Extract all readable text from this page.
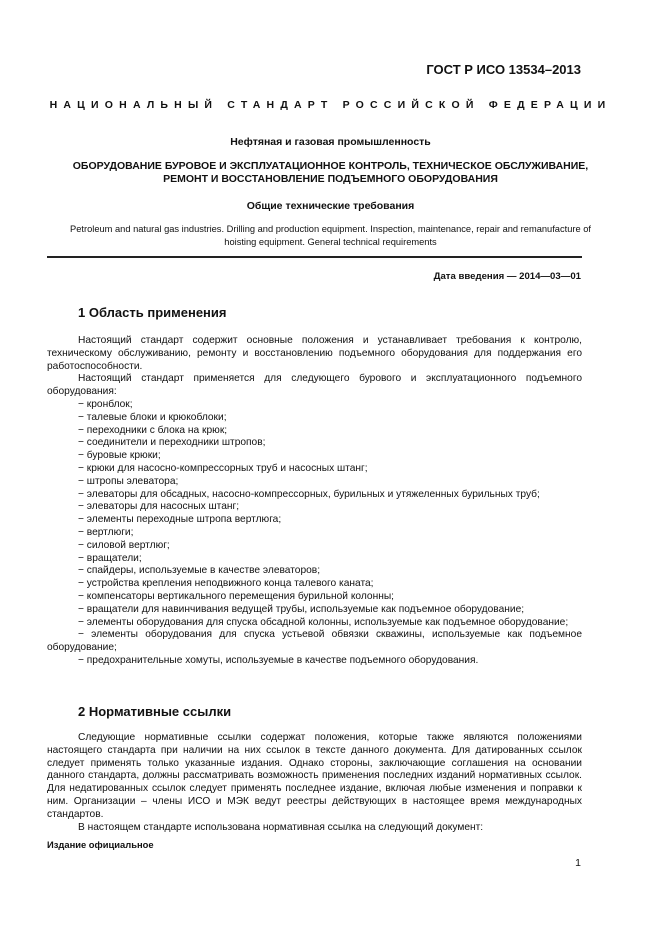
ГОСТ Р ИСО 13534–2013
НАЦИОНАЛЬНЫЙ СТАНДАРТ РОССИЙСКОЙ ФЕДЕРАЦИИ
Нефтяная и газовая промышленность
ОБОРУДОВАНИЕ БУРОВОЕ И ЭКСПЛУАТАЦИОННОЕ КОНТРОЛЬ, ТЕХНИЧЕСКОЕ ОБСЛУЖИВАНИЕ, РЕМОНТ И ВОССТАНОВЛЕНИЕ ПОДЪЕМНОГО ОБОРУДОВАНИЯ
Общие технические требования
Petroleum and natural gas industries. Drilling and production equipment. Inspection, maintenance, repair and remanufacture of hoisting equipment. General technical requirements
Дата введения — 2014—03—01
1 Область применения

Настоящий стандарт содержит основные положения и устанавливает требования к контролю, техническому обслуживанию, ремонту и восстановлению подъемного оборудования для поддержания его работоспособности.

Настоящий стандарт применяется для следующего бурового и эксплуатационного подъемного оборудования:

− кронблок;
− талевые блоки и крюкоблоки;
− переходники с блока на крюк;
− соединители и переходники штропов;
− буровые крюки;
− крюки для насосно-компрессорных труб и насосных штанг;
− штропы элеватора;
− элеваторы для обсадных, насосно-компрессорных, бурильных и утяжеленных бурильных труб;
− элеваторы для насосных штанг;
− элементы переходные штропа вертлюга;
− вертлюги;
− силовой вертлюг;
− вращатели;
− спайдеры, используемые в качестве элеваторов;
− устройства крепления неподвижного конца талевого каната;
− компенсаторы вертикального перемещения бурильной колонны;
− вращатели для навинчивания ведущей трубы, используемые как подъемное оборудование;
− элементы оборудования для спуска обсадной колонны, используемые как подъемное оборудование;
− элементы оборудования для спуска устьевой обвязки скважины, используемые как подъемное оборудование;
− предохранительные хомуты, используемые в качестве подъемного оборудования.
2 Нормативные ссылки

Следующие нормативные ссылки содержат положения, которые также являются положениями настоящего стандарта при наличии на них ссылок в тексте данного документа. Для датированных ссылок следует применять только указанные издания. Однако стороны, заключающие соглашения на основании данного стандарта, должны рассматривать возможность применения последних изданий нормативных ссылок. Для недатированных ссылок следует применять последнее издание, включая любые изменения и поправки к ним. Организации – члены ИСО и МЭК ведут реестры действующих в настоящее время международных стандартов.

В настоящем стандарте использована нормативная ссылка на следующий документ:

Издание официальное
1
